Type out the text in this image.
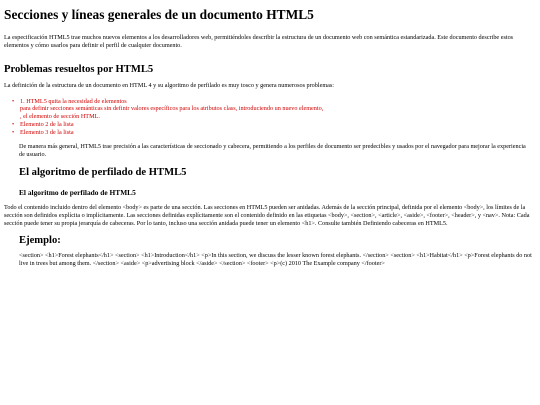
Secciones y líneas generales de un documento HTML5

La especificación HTML5 trae muchos nuevos elementos a los desarrolladores web, permitiéndoles describir la estructura de un documento web con semántica estandarizada. Este documento describe estos elementos y cómo usarlos para definir el perfil de cualquier documento.

Problemas resueltos por HTML5

La definición de la estructura de un documento en HTML 4 y su algoritmo de perfilado es muy tosco y genera numerosos problemas:

• 1. HTML5 quita la necesidad de elementos
para definir secciones semánticas sin definir valores específicos para los atributos class, introduciendo un nuevo elemento,
, el elemento de sección HTML.
• Elemento 2 de la lista
• Elemento 3 de la lista

De manera más general, HTML5 trae precisión a las características de seccionado y cabecera, permitiendo a los perfiles de documento ser predecibles y usados por el navegador para mejorar la experiencia de usuario.

El algoritmo de perfilado de HTML5
El algoritmo de perfilado de HTML5

Todo el contenido incluido dentro del elemento <body> es parte de una sección. Las secciones en HTML5 pueden ser anidadas. Además de la sección principal, definida por el elemento <body>, los límites de la sección son definidos explícita o implícitamente. Las secciones definidas explícitamente son el contenido definido en las etiquetas <body>, <section>, <article>, <aside>, <footer>, <header>, y <nav>. Nota: Cada sección puede tener su propia jerarquía de cabeceras. Por lo tanto, incluso una sección anidada puede tener un elemento <h1>. Consulte también Definiendo cabeceras en HTML5.

Ejemplo:

<section> <h1>Forest elephants</h1> <section> <h1>Introduction</h1> <p>In this section, we discuss the lesser known forest elephants. </section> <section> <h1>Habitat</h1> <p>Forest elephants do not live in trees but among them. </section> <aside> <p>advertising block </aside> </section> <footer> <p>(c) 2010 The Example company </footer>
